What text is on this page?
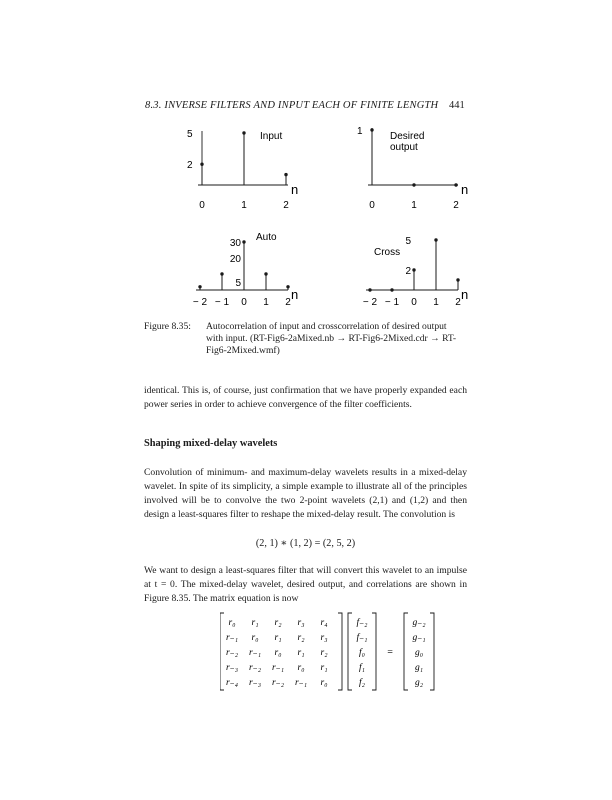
8.3. INVERSE FILTERS AND INPUT EACH OF FINITE LENGTH 441
n
0	1	2
5
2
Input
n
0	1	2
1	Desired
output
n
− 2 − 1 0 1 2
30
20
5
Auto
n
− 2 − 1 0 1 2
5
2
Cross
Figure 8.35:	Autocorrelation of input and crosscorrelation of desired output with input. (RT-Fig6-2aMixed.nb → RT-Fig6-2Mixed.cdr → RT-Fig6-2Mixed.wmf)
identical. This is, of course, just confirmation that we have properly expanded each power series in order to achieve convergence of the filter coefficients.
Shaping mixed-delay wavelets
Convolution of minimum- and maximum-delay wavelets results in a mixed-delay wavelet. In spite of its simplicity, a simple example to illustrate all of the principles involved will be to convolve the two 2-point wavelets (2,1) and (1,2) and then design a least-squares filter to reshape the mixed-delay result. The convolution is
(2, 1) ∗ (1, 2) = (2, 5, 2)
We want to design a least-squares filter that will convert this wavelet to an impulse at t = 0. The mixed-delay wavelet, desired output, and correlations are shown in Figure 8.35. The matrix equation is now
r₀ r₁ r₂ r₃ r₄
r₋₁ r₀ r₁ r₂ r₃
r₋₂ r₋₁ r₀ r₁ r₂
r₋₃ r₋₂ r₋₁ r₀ r₁
r₋₄ r₋₃ r₋₂ r₋₁ r₀
f₋₂
f₋₁
f₀
f₁
f₂
=
g₋₂
g₋₁
g₀
g₁
g₂
